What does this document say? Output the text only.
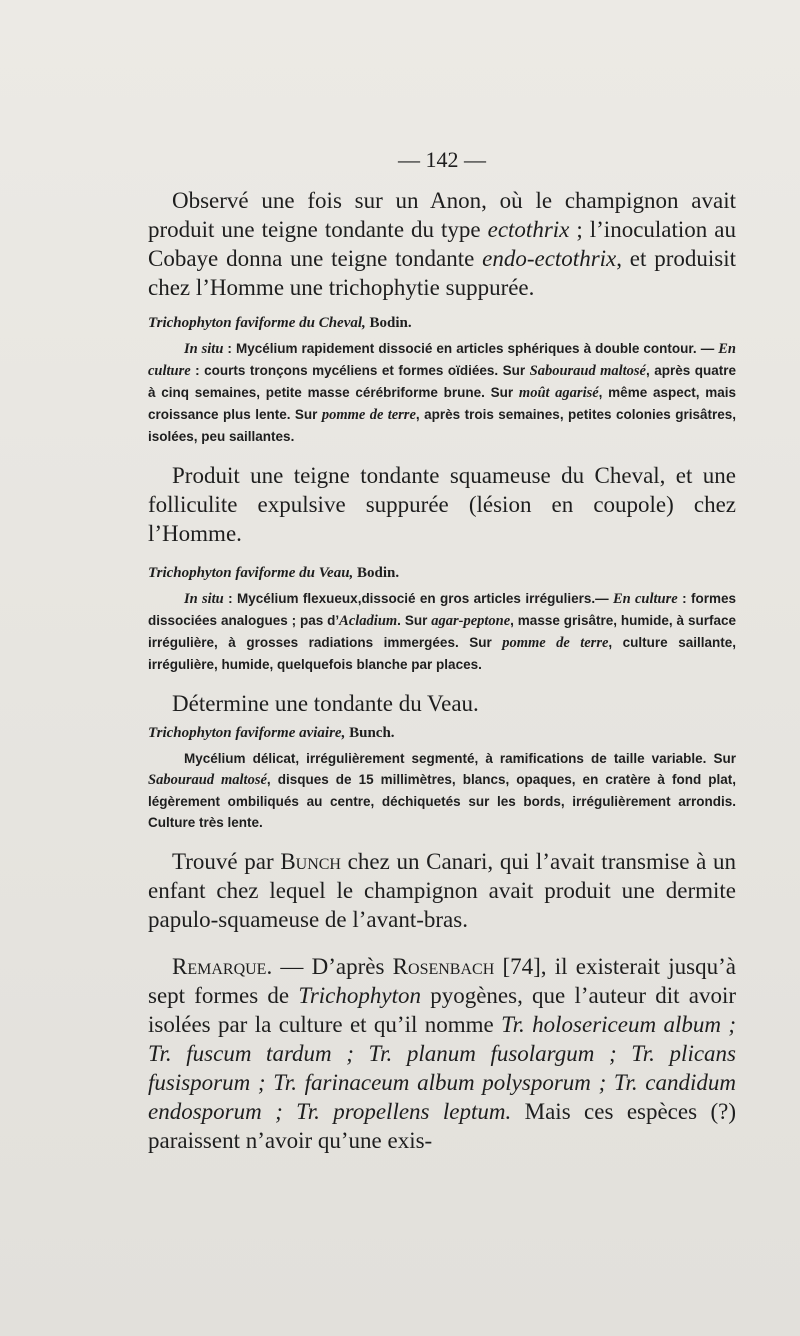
— 142 —

Observé une fois sur un Anon, où le champignon avait produit une teigne tondante du type ectothrix ; l’inoculation au Cobaye donna une teigne tondante endo-ectothrix, et produisit chez l’Homme une trichophytie suppurée.

Trichophyton faviforme du Cheval, Bodin.

In situ : Mycélium rapidement dissocié en articles sphériques à double contour. — En culture : courts tronçons mycéliens et formes oïdiées. Sur Sabouraud maltosé, après quatre à cinq semaines, petite masse cérébriforme brune. Sur moût agarisé, même aspect, mais croissance plus lente. Sur pomme de terre, après trois semaines, petites colonies grisâtres, isolées, peu saillantes.

Produit une teigne tondante squameuse du Cheval, et une folliculite expulsive suppurée (lésion en coupole) chez l’Homme.

Trichophyton faviforme du Veau, Bodin.

In situ : Mycélium flexueux,dissocié en gros articles irréguliers.— En culture : formes dissociées analogues ; pas d’Acladium. Sur agar-peptone, masse grisâtre, humide, à surface irrégulière, à grosses radiations immergées. Sur pomme de terre, culture saillante, irrégulière, humide, quelquefois blanche par places.

Détermine une tondante du Veau.

Trichophyton faviforme aviaire, Bunch.

Mycélium délicat, irrégulièrement segmenté, à ramifications de taille variable. Sur Sabouraud maltosé, disques de 15 millimètres, blancs, opaques, en cratère à fond plat, légèrement ombiliqués au centre, déchiquetés sur les bords, irrégulièrement arrondis. Culture très lente.

Trouvé par Bunch chez un Canari, qui l’avait transmise à un enfant chez lequel le champignon avait produit une dermite papulo-squameuse de l’avant-bras.

Remarque. — D’après Rosenbach [74], il existerait jusqu’à sept formes de Trichophyton pyogènes, que l’auteur dit avoir isolées par la culture et qu’il nomme Tr. holosericeum album ; Tr. fuscum tardum ; Tr. planum fusolargum ; Tr. plicans fusisporum ; Tr. farinaceum album polysporum ; Tr. candidum endosporum ; Tr. propellens leptum. Mais ces espèces (?) paraissent n’avoir qu’une exis-
